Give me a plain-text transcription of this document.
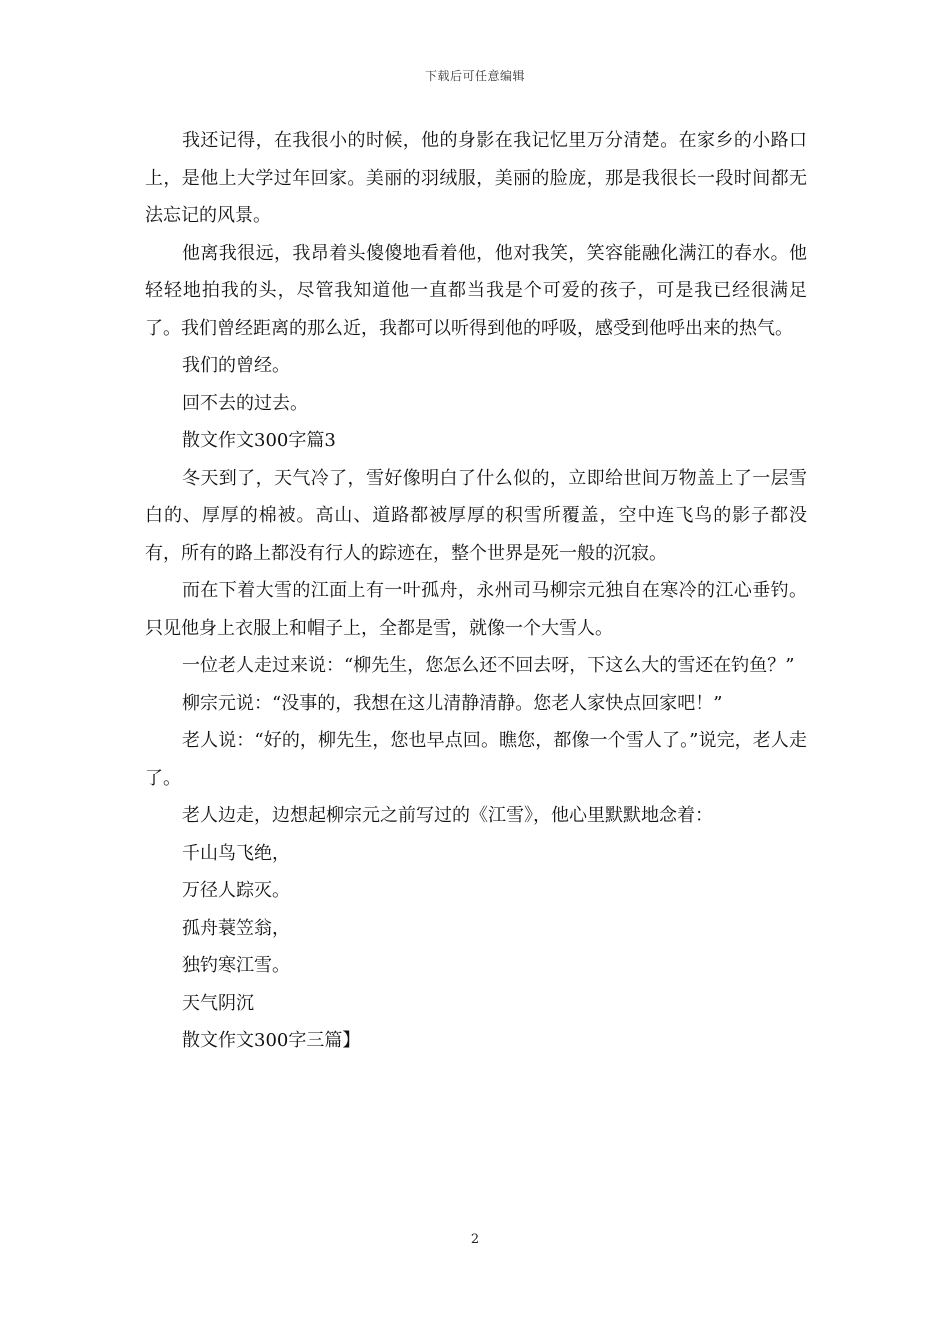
下载后可任意编辑

我还记得，在我很小的时候，他的身影在我记忆里万分清楚。在家乡的小路口上，是他上大学过年回家。美丽的羽绒服，美丽的脸庞，那是我很长一段时间都无法忘记的风景。

他离我很远，我昂着头傻傻地看着他，他对我笑，笑容能融化满江的春水。他轻轻地拍我的头，尽管我知道他一直都当我是个可爱的孩子，可是我已经很满足了。我们曾经距离的那么近，我都可以听得到他的呼吸，感受到他呼出来的热气。

我们的曾经。

回不去的过去。

散文作文300字篇3

冬天到了，天气冷了，雪好像明白了什么似的，立即给世间万物盖上了一层雪白的、厚厚的棉被。高山、道路都被厚厚的积雪所覆盖，空中连飞鸟的影子都没有，所有的路上都没有行人的踪迹在，整个世界是死一般的沉寂。

而在下着大雪的江面上有一叶孤舟，永州司马柳宗元独自在寒冷的江心垂钓。只见他身上衣服上和帽子上，全都是雪，就像一个大雪人。

一位老人走过来说：“柳先生，您怎么还不回去呀，下这么大的雪还在钓鱼？”

柳宗元说：“没事的，我想在这儿清静清静。您老人家快点回家吧！”

老人说：“好的，柳先生，您也早点回。瞧您，都像一个雪人了。”说完，老人走了。

老人边走，边想起柳宗元之前写过的《江雪》，他心里默默地念着：

千山鸟飞绝，

万径人踪灭。

孤舟蓑笠翁，

独钓寒江雪。

天气阴沉

散文作文300字三篇】

2
